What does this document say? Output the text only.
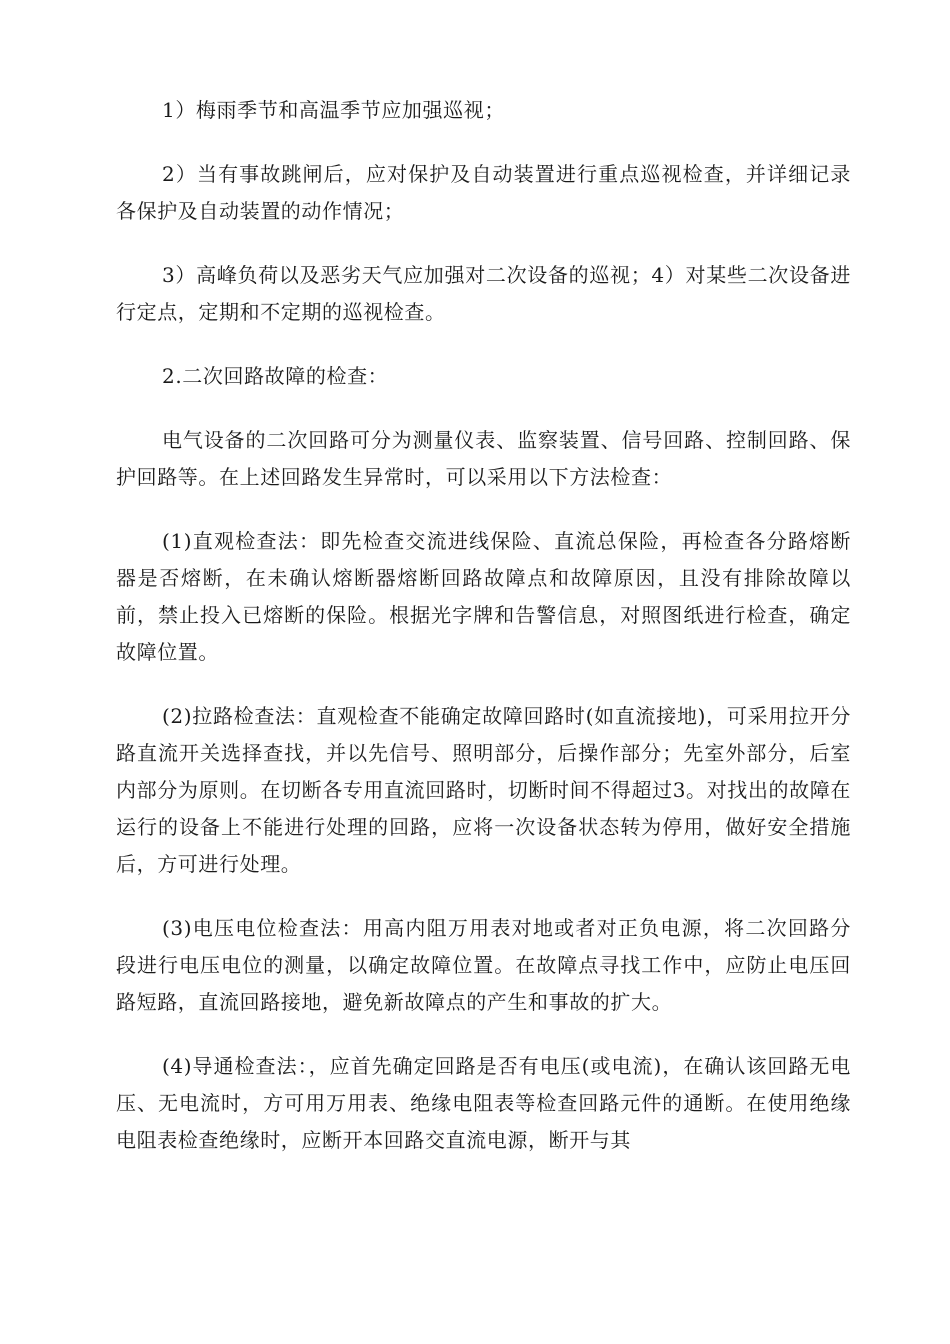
1）梅雨季节和高温季节应加强巡视；

2）当有事故跳闸后，应对保护及自动装置进行重点巡视检查，并详细记录各保护及自动装置的动作情况；

3）高峰负荷以及恶劣天气应加强对二次设备的巡视；4）对某些二次设备进行定点，定期和不定期的巡视检查。

2.二次回路故障的检查：

电气设备的二次回路可分为测量仪表、监察装置、信号回路、控制回路、保护回路等。在上述回路发生异常时，可以采用以下方法检查：

(1)直观检查法：即先检查交流进线保险、直流总保险，再检查各分路熔断器是否熔断，在未确认熔断器熔断回路故障点和故障原因，且没有排除故障以前，禁止投入已熔断的保险。根据光字牌和告警信息，对照图纸进行检查，确定故障位置。

(2)拉路检查法：直观检查不能确定故障回路时(如直流接地)，可采用拉开分路直流开关选择查找，并以先信号、照明部分，后操作部分；先室外部分，后室内部分为原则。在切断各专用直流回路时，切断时间不得超过3。对找出的故障在运行的设备上不能进行处理的回路，应将一次设备状态转为停用，做好安全措施后，方可进行处理。

(3)电压电位检查法：用高内阻万用表对地或者对正负电源，将二次回路分段进行电压电位的测量，以确定故障位置。在故障点寻找工作中，应防止电压回路短路，直流回路接地，避免新故障点的产生和事故的扩大。

(4)导通检查法：，应首先确定回路是否有电压(或电流)，在确认该回路无电压、无电流时，方可用万用表、绝缘电阻表等检查回路元件的通断。在使用绝缘电阻表检查绝缘时，应断开本回路交直流电源，断开与其
